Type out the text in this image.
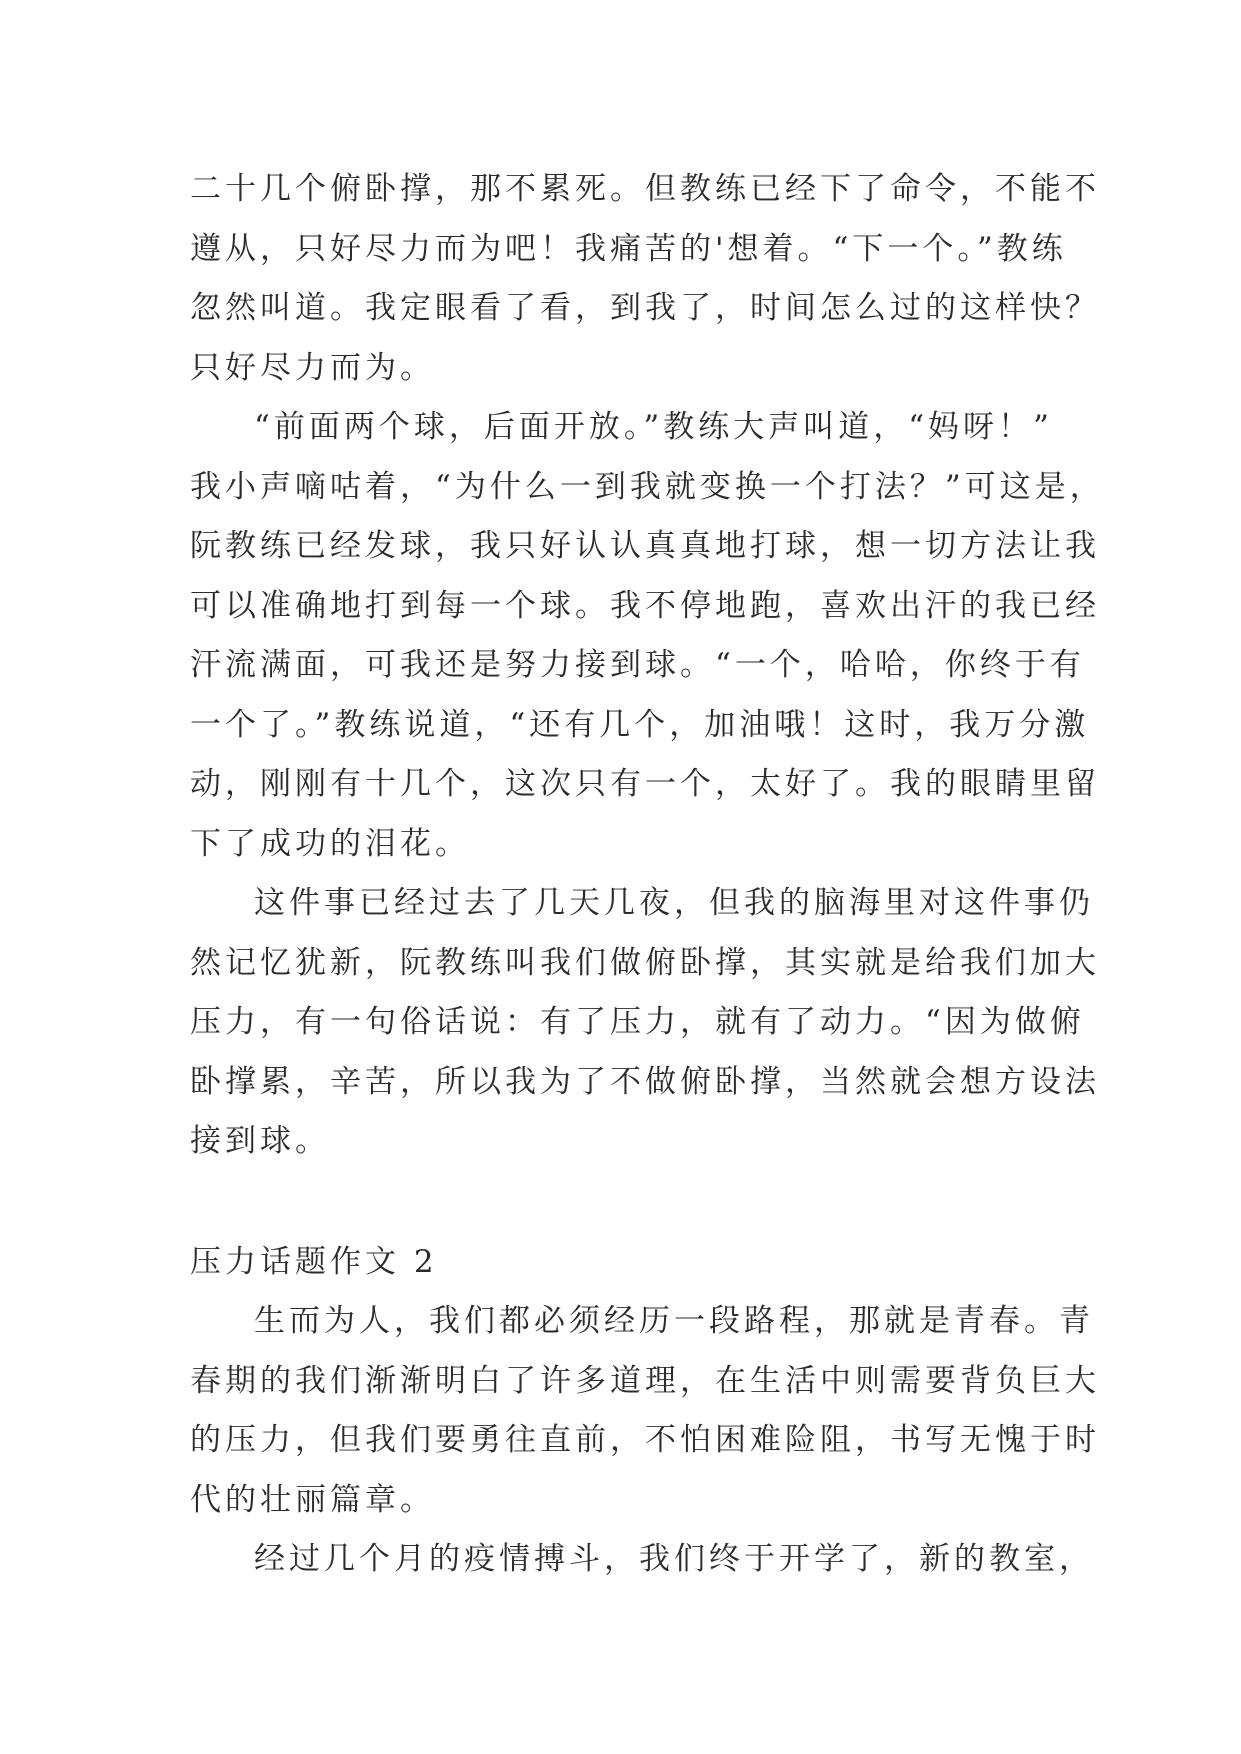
二十几个俯卧撑，那不累死。但教练已经下了命令，不能不
遵从，只好尽力而为吧！我痛苦的'想着。“下一个。”教练
忽然叫道。我定眼看了看，到我了，时间怎么过的这样快？
只好尽力而为。
“前面两个球，后面开放。”教练大声叫道，“妈呀！”
我小声嘀咕着，“为什么一到我就变换一个打法？”可这是，
阮教练已经发球，我只好认认真真地打球，想一切方法让我
可以准确地打到每一个球。我不停地跑，喜欢出汗的我已经
汗流满面，可我还是努力接到球。“一个，哈哈，你终于有
一个了。”教练说道，“还有几个，加油哦！这时，我万分激
动，刚刚有十几个，这次只有一个，太好了。我的眼睛里留
下了成功的泪花。
这件事已经过去了几天几夜，但我的脑海里对这件事仍
然记忆犹新，阮教练叫我们做俯卧撑，其实就是给我们加大
压力，有一句俗话说：有了压力，就有了动力。“因为做俯
卧撑累，辛苦，所以我为了不做俯卧撑，当然就会想方设法
接到球。
压力话题作文 2
生而为人，我们都必须经历一段路程，那就是青春。青
春期的我们渐渐明白了许多道理，在生活中则需要背负巨大
的压力，但我们要勇往直前，不怕困难险阻，书写无愧于时
代的壮丽篇章。
经过几个月的疫情搏斗，我们终于开学了，新的教室，
